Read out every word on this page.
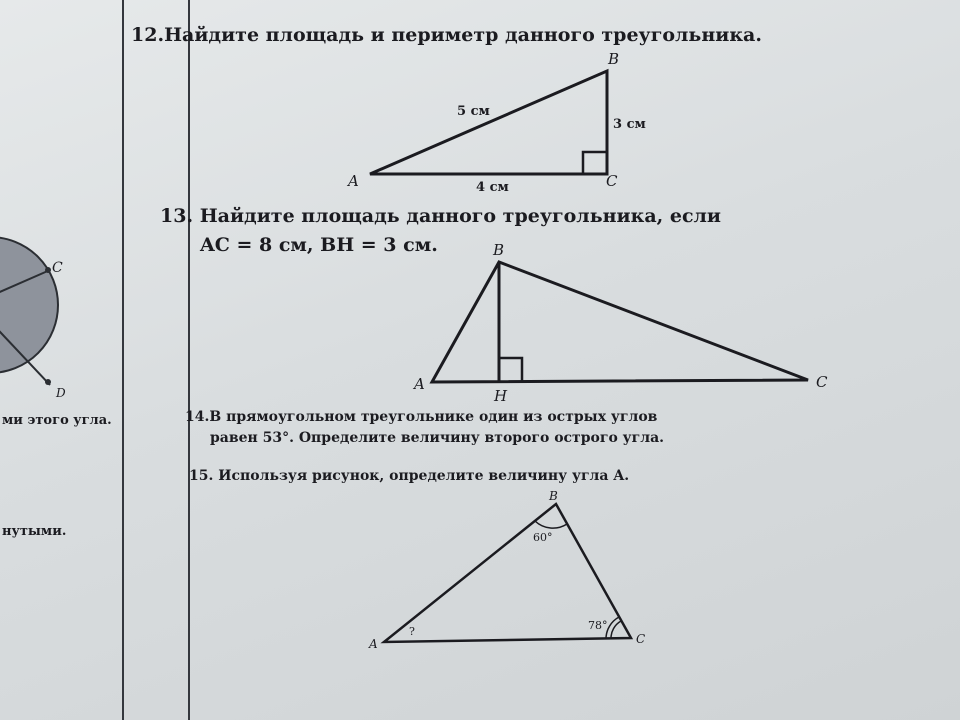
C
D
A
B
C
5 см
3 см
4 см
A
B
C
H
A
B
C
60°
78°
?
ми этого угла.
нутыми.
12.Найдите площадь и периметр данного треугольника.
13. Найдите площадь данного треугольника, если
AC = 8 см, BH = 3 см.
14.В прямоугольном треугольнике один из острых углов
равен 53°. Определите величину второго острого угла.
15. Используя рисунок, определите величину угла A.
